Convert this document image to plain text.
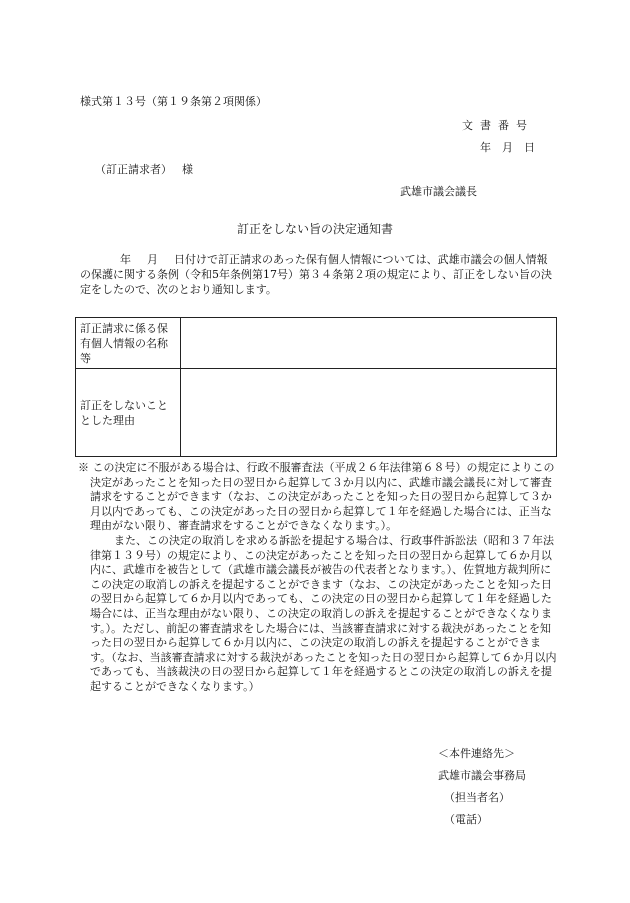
様式第１３号（第１９条第２項関係）
文書番号
年　月　日
（訂正請求者） 様
武雄市議会議長
訂正をしない旨の決定通知書
年 月 日付けで訂正請求のあった保有個人情報については、武雄市議会の個人情報の保護に関する条例（令和5年条例第17号）第３４条第２項の規定により、訂正をしない旨の決定をしたので、次のとおり通知します。
訂正請求に係る保有個人情報の名称等	
訂正をしないこととした理由	

※ この決定に不服がある場合は、行政不服審査法（平成２６年法律第６８号）の規定によりこの決定があったことを知った日の翌日から起算して３か月以内に、武雄市議会議長に対して審査請求をすることができます（なお、この決定があったことを知った日の翌日から起算して３か月以内であっても、この決定があった日の翌日から起算して１年を経過した場合には、正当な理由がない限り、審査請求をすることができなくなります。）。

また、この決定の取消しを求める訴訟を提起する場合は、行政事件訴訟法（昭和３７年法律第１３９号）の規定により、この決定があったことを知った日の翌日から起算して６か月以内に、武雄市を被告として（武雄市議会議長が被告の代表者となります。）、佐賀地方裁判所にこの決定の取消しの訴えを提起することができます（なお、この決定があったことを知った日の翌日から起算して６か月以内であっても、この決定の日の翌日から起算して１年を経過した場合には、正当な理由がない限り、この決定の取消しの訴えを提起することができなくなります。）。ただし、前記の審査請求をした場合には、当該審査請求に対する裁決があったことを知った日の翌日から起算して６か月以内に、この決定の取消しの訴えを提起することができます。（なお、当該審査請求に対する裁決があったことを知った日の翌日から起算して６か月以内であっても、当該裁決の日の翌日から起算して１年を経過するとこの決定の取消しの訴えを提起することができなくなります。）

＜本件連絡先＞
武雄市議会事務局
（担当者名）
（電話）
